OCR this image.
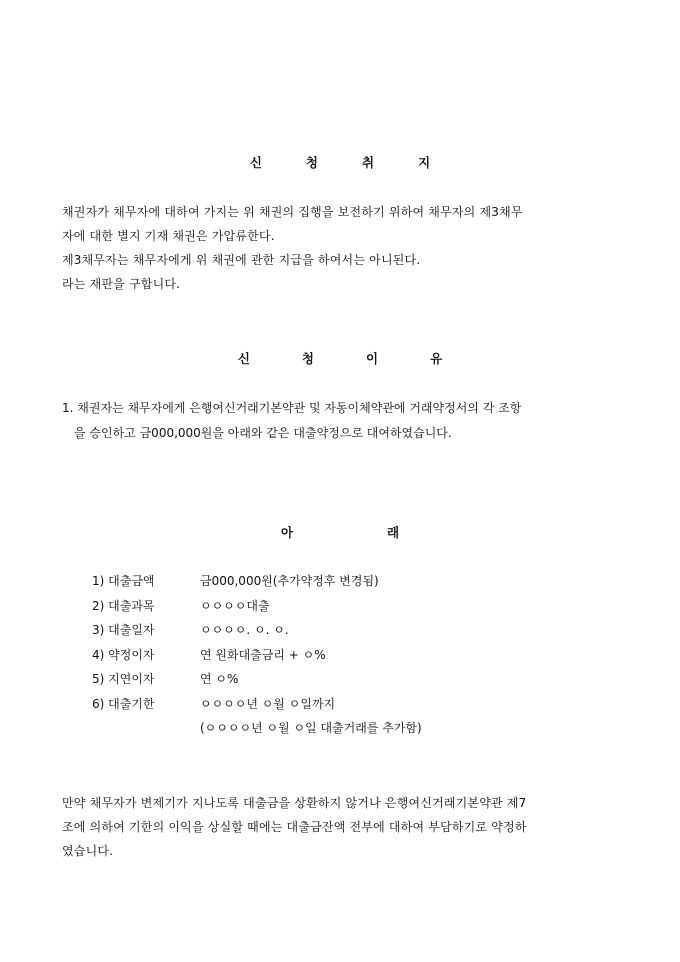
신	청	취	지
채권자가 채무자에 대하여 가지는 위 채권의 집행을 보전하기 위하여 채무자의 제3채무
자에 대한 별지 기재 채권은 가압류한다.
제3채무자는 채무자에게 위 채권에 관한 지급을 하여서는 아니된다.
라는 재판을 구합니다.
신	청	이	유
1. 채권자는 채무자에게 은행여신거래기본약관 및 자동이체약관에 거래약정서의 각 조항
을 승인하고 금000,000원을 아래와 같은 대출약정으로 대여하였습니다.
아	래
1) 대출금액	금000,000원(추가약정후 변경됨)
2) 대출과목	ㅇㅇㅇㅇ대출
3) 대출일자	ㅇㅇㅇㅇ. ㅇ. ㅇ.
4) 약정이자	연 원화대출금리 + ㅇ%
5) 지연이자	연 ㅇ%
6) 대출기한	ㅇㅇㅇㅇ년 ㅇ월 ㅇ일까지
(ㅇㅇㅇㅇ년 ㅇ월 ㅇ일 대출거래를 추가함)
만약 채무자가 변제기가 지나도록 대출금을 상환하지 않거나 은행여신거래기본약관 제7
조에 의하여 기한의 이익을 상실할 때에는 대출금잔액 전부에 대하여 부담하기로 약정하
였습니다.
